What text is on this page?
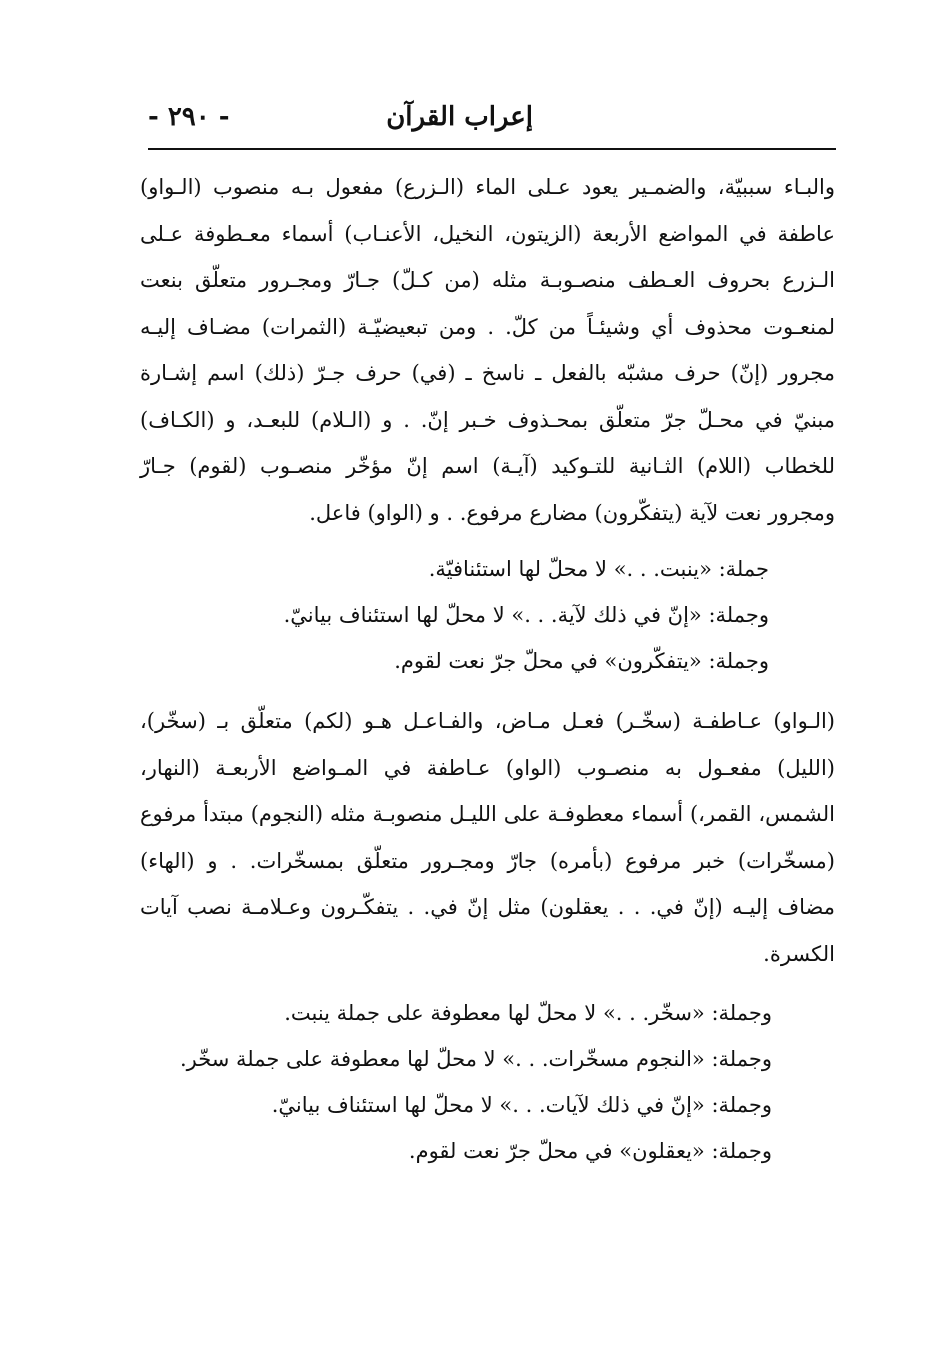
إعراب القرآن
- ٢٩٠ -

والبـاء سببيّة، والضمـير يعود عـلى الماء (الـزرع) مفعول بـه منصوب (الـواو) عاطفة في المواضع الأربعة (الزيتون، النخيل، الأعنـاب) أسماء معـطوفة عـلى الـزرع بحروف العـطف منصـوبـة مثله (من كـلّ) جـارّ ومجـرور متعلّق بنعت لمنعـوت محذوف أي وشيئـاً من كلّ. . ومن تبعيضيّـة (الثمرات) مضـاف إليـه مجرور (إنّ) حرف مشبّه بالفعل ـ ناسخ ـ (في) حرف جـرّ (ذلك) اسم إشـارة مبنيّ في محـلّ جرّ متعلّق بمحـذوف خـبر إنّ. . و (الـلام) للبعـد، و (الكـاف) للخطاب (اللام) الثـانية للتـوكيد (آيـة) اسم إنّ مؤخّر منصـوب (لقوم) جـارّ ومجرور نعت لآية (يتفكّرون) مضارع مرفوع. . و (الواو) فاعل.

جملة: «ينبت. . .» لا محلّ لها استئنافيّة.
وجملة: «إنّ في ذلك لآية. . .» لا محلّ لها استئناف بيانيّ.
وجملة: «يتفكّرون» في محلّ جرّ نعت لقوم.

(الـواو) عـاطفـة (سخّـر) فعـل مـاض، والفـاعـل هـو (لكم) متعلّق بـ (سخّر)، (الليل) مفعـول به منصـوب (الواو) عـاطفة في المـواضع الأربعـة (النهار، الشمس، القمر،) أسماء معطوفـة على الليـل منصوبـة مثله (النجوم) مبتدأ مرفوع (مسخّرات) خبر مرفوع (بأمره) جارّ ومجـرور متعلّق بمسخّرات. . و (الهاء) مضاف إليـه (إنّ في. . . يعقلون) مثل إنّ في. . يتفكّـرون وعـلامـة نصب آيات الكسرة.

وجملة: «سخّر. . .» لا محلّ لها معطوفة على جملة ينبت.
وجملة: «النجوم مسخّرات. . .» لا محلّ لها معطوفة على جملة سخّر.
وجملة: «إنّ في ذلك لآيات. . .» لا محلّ لها استئناف بيانيّ.
وجملة: «يعقلون» في محلّ جرّ نعت لقوم.
